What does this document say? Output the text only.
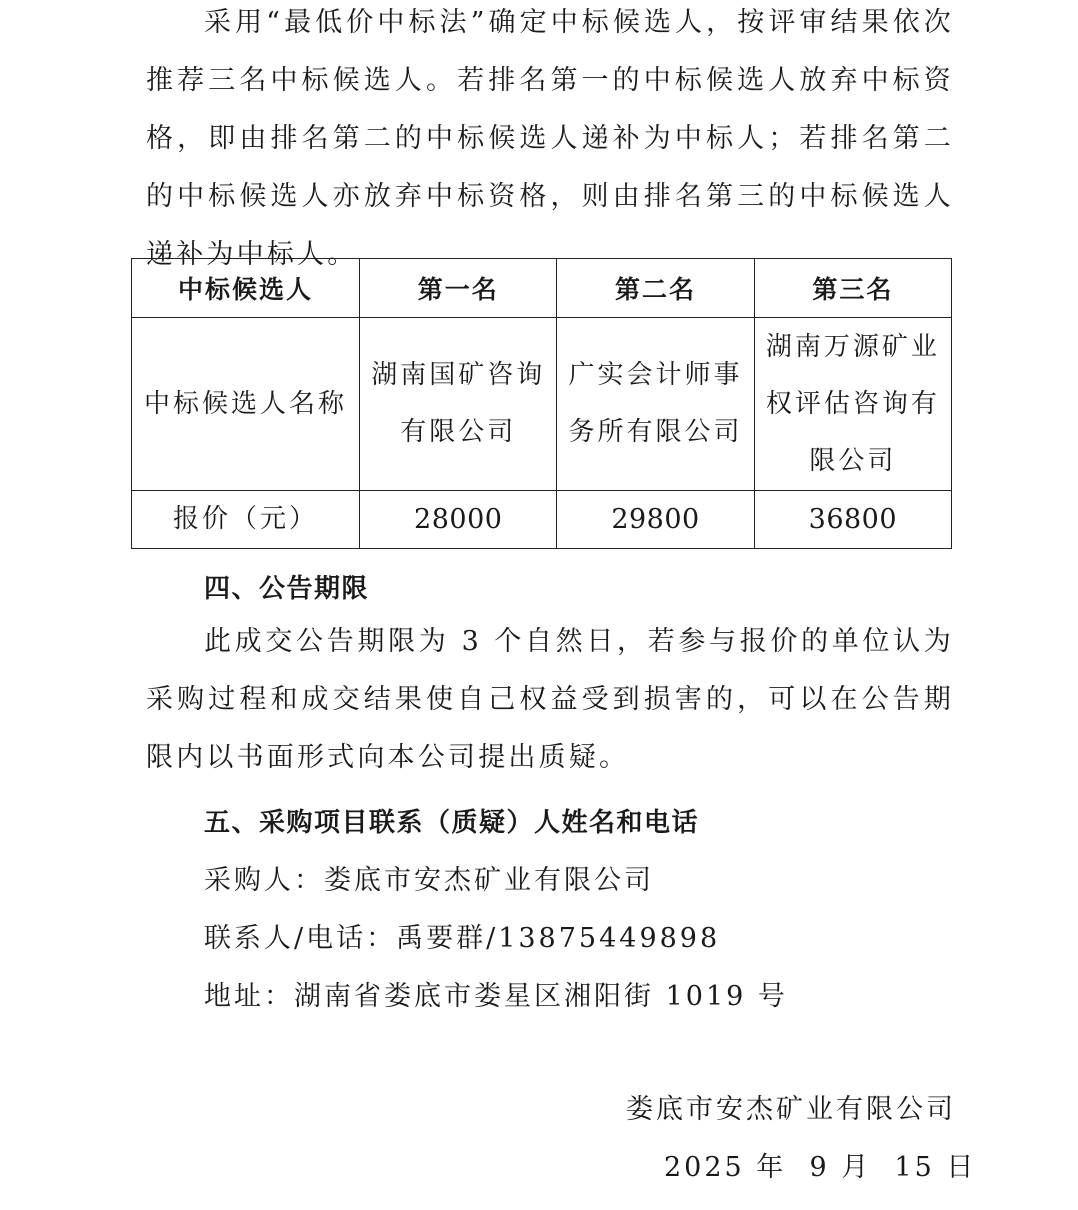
采用“最低价中标法”确定中标候选人，按评审结果依次推荐三名中标候选人。若排名第一的中标候选人放弃中标资格，即由排名第二的中标候选人递补为中标人；若排名第二的中标候选人亦放弃中标资格，则由排名第三的中标候选人递补为中标人。

中标候选人	第一名	第二名	第三名
中标候选人名称	湖南国矿咨询有限公司	广实会计师事务所有限公司	湖南万源矿业权评估咨询有限公司
报价（元）	28000	29800	36800

四、公告期限

此成交公告期限为 3 个自然日，若参与报价的单位认为采购过程和成交结果使自己权益受到损害的，可以在公告期限内以书面形式向本公司提出质疑。

五、采购项目联系（质疑）人姓名和电话

采购人：娄底市安杰矿业有限公司

联系人/电话：禹要群/13875449898

地址：湖南省娄底市娄星区湘阳街 1019 号

娄底市安杰矿业有限公司

2025 年  9 月  15 日
